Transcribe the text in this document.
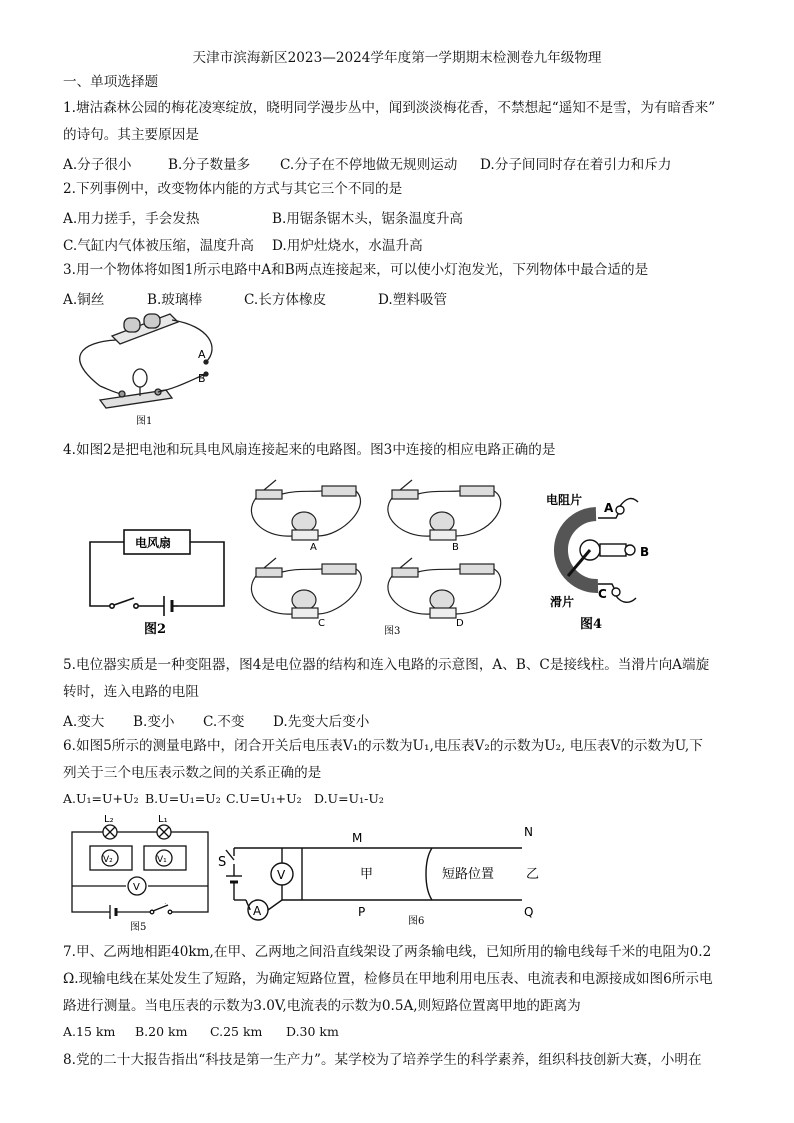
天津市滨海新区2023—2024学年度第一学期期末检测卷九年级物理
一、单项选择题
1.塘沽森林公园的梅花凌寒绽放，晓明同学漫步丛中，闻到淡淡梅花香，不禁想起“遥知不是雪，为有暗香来”
的诗句。其主要原因是
A.分子很小	B.分子数量多 C.分子在不停地做无规则运动 D.分子间同时存在着引力和斥力
2.下列事例中，改变物体内能的方式与其它三个不同的是
A.用力搓手，手会发热	B.用锯条锯木头，锯条温度升高
C.气缸内气体被压缩，温度升高 D.用炉灶烧水，水温升高
3.用一个物体将如图1所示电路中A和B两点连接起来，可以使小灯泡发光，下列物体中最合适的是
A.铜丝	B.玻璃棒	C.长方体橡皮	D.塑料吸管
A
B
图1
4.如图2是把电池和玩具电风扇连接起来的电路图。图3中连接的相应电路正确的是
电风扇
图2
A	B
C	D
图3
电阻片
滑片
A
B
C
图4
5.电位器实质是一种变阻器，图4是电位器的结构和连入电路的示意图，A、B、C是接线柱。当滑片向A端旋
转时，连入电路的电阻
A.变大 B.变小 C.不变 D.先变大后变小
6.如图5所示的测量电路中，闭合开关后电压表V₁的示数为U₁,电压表V₂的示数为U₂, 电压表V的示数为U,下
列关于三个电压表示数之间的关系正确的是
A.U₁=U+U₂ B.U=U₁=U₂ C.U=U₁+U₂ D.U=U₁-U₂
L₂	L₁
V₂	V₁
V
图5
S
V
A
M
P
N
Q
甲	乙
短路位置
图6
7.甲、乙两地相距40km,在甲、乙两地之间沿直线架设了两条输电线，已知所用的输电线每千米的电阻为0.2
Ω.现输电线在某处发生了短路，为确定短路位置，检修员在甲地利用电压表、电流表和电源接成如图6所示电
路进行测量。当电压表的示数为3.0V,电流表的示数为0.5A,则短路位置离甲地的距离为
A.15 km B.20 km C.25 km D.30 km
8.党的二十大报告指出“科技是第一生产力”。某学校为了培养学生的科学素养，组织科技创新大赛，小明在
